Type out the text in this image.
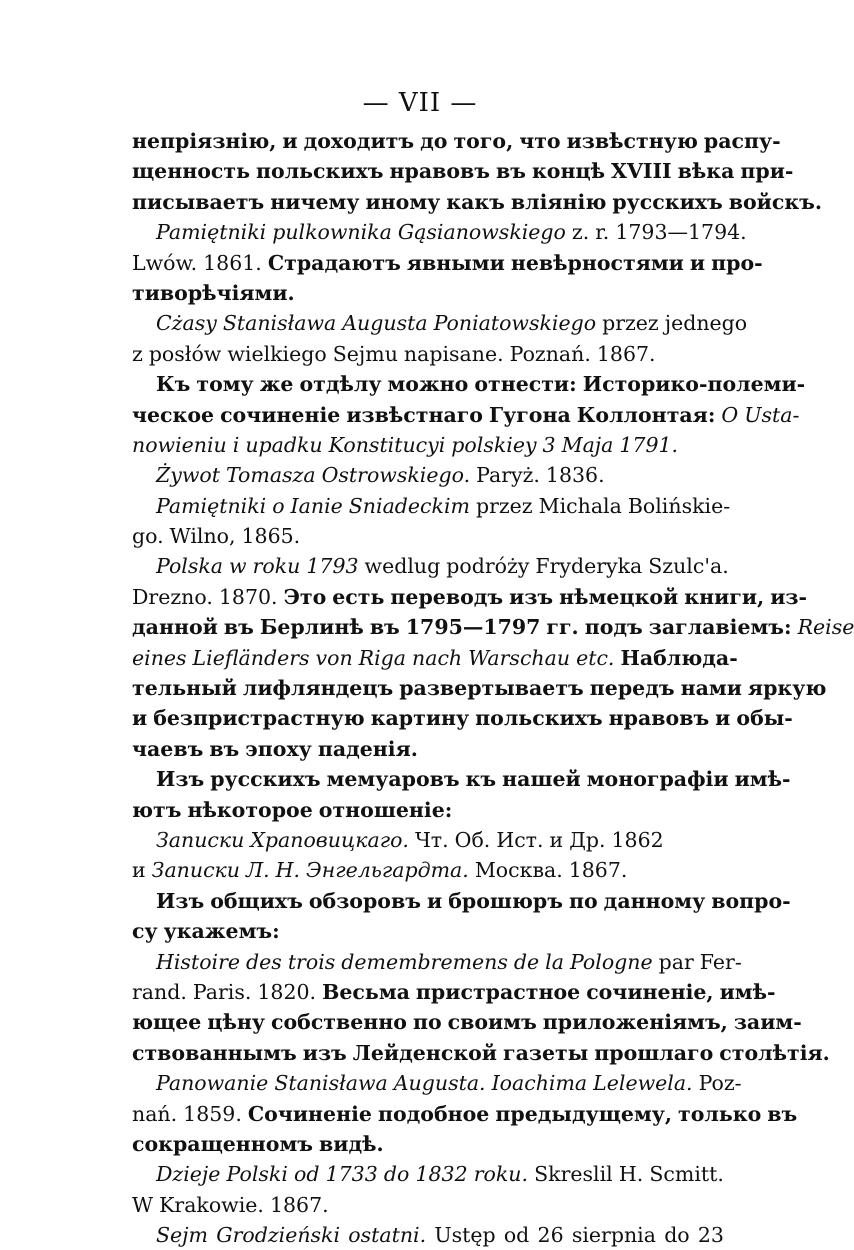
— VII —
непріязнію, и доходитъ до того, что извѣстную распу-
щенность польскихъ нравовъ въ концѣ XVIII вѣка при-
писываетъ ничему иному какъ вліянію русскихъ войскъ.
Pamiętniki pulkownika Gąsianowskiego z. r. 1793—1794.
Lwów. 1861. Страдаютъ явными невѣрностями и про-
тиворѣчіями.
Cżasy Stanisława Augusta Poniatowskiego przez jednego
z posłów wielkiego Sejmu napisane. Poznań. 1867.
Къ тому же отдѣлу можно отнести: Историко-полеми-
ческое сочиненіе извѣстнаго Гугона Коллонтая: O Usta-
nowieniu i upadku Konstitucyi polskiey 3 Maja 1791.
Żywot Tomasza Ostrowskiego. Paryż. 1836.
Pamiętniki o Ianie Sniadeckim przez Michala Bolińskie-
go. Wilno, 1865.
Polska w roku 1793 wedlug podróży Fryderyka Szulc'a.
Drezno. 1870. Это есть переводъ изъ нѣмецкой книги, из-
данной въ Берлинѣ въ 1795—1797 гг. подъ заглавіемъ: Reise
eines Liefländers von Riga nach Warschau etc. Наблюда-
тельный лифляндецъ развертываетъ передъ нами яркую
и безпристрастную картину польскихъ нравовъ и обы-
чаевъ въ эпоху паденія.
Изъ русскихъ мемуаровъ къ нашей монографіи имѣ-
ютъ нѣкоторое отношеніе:
Записки Храповицкаго. Чт. Об. Ист. и Др. 1862
и Записки Л. Н. Энгельгардта. Москва. 1867.
Изъ общихъ обзоровъ и брошюръ по данному вопро-
су укажемъ:
Histoire des trois demembremens de la Pologne par Fer-
rand. Paris. 1820. Весьма пристрастное сочиненіе, имѣ-
ющее цѣну собственно по своимъ приложеніямъ, заим-
ствованнымъ изъ Лейденской газеты прошлаго столѣтія.
Panowanie Stanisława Augusta. Ioachima Lelewela. Poz-
nań. 1859. Сочиненіе подобное предыдущему, только въ
сокращенномъ видѣ.
Dzieje Polski od 1733 do 1832 roku. Skreslil H. Scmitt.
W Krakowie. 1867.
Sejm Grodzieński ostatni. Ustęp od 26 sierpnia do 23
